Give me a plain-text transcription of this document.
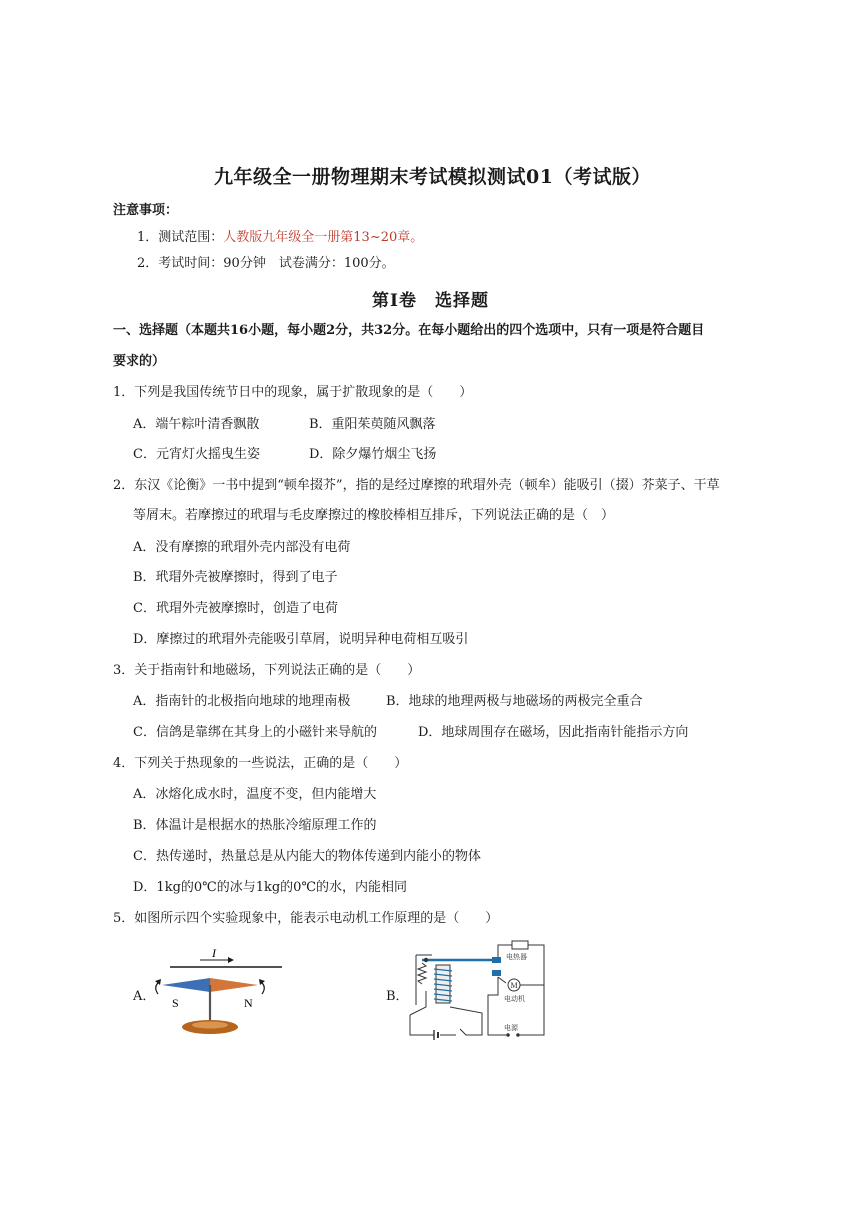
九年级全一册物理期末考试模拟测试01（考试版）
注意事项：
1．测试范围：人教版九年级全一册第13~20章。
2．考试时间：90分钟　试卷满分：100分。
第Ⅰ卷　选择题
一、选择题（本题共16小题，每小题2分，共32分。在每小题给出的四个选项中，只有一项是符合题目
要求的）
1．下列是我国传统节日中的现象，属于扩散现象的是（　　）
A．端午粽叶清香飘散	B．重阳茱萸随风飘落
C．元宵灯火摇曳生姿	D．除夕爆竹烟尘飞扬
2．东汉《论衡》一书中提到“顿牟掇芥”，指的是经过摩擦的玳瑁外壳（顿牟）能吸引（掇）芥菜子、干草
等屑末。若摩擦过的玳瑁与毛皮摩擦过的橡胶棒相互排斥，下列说法正确的是（　）
A．没有摩擦的玳瑁外壳内部没有电荷
B．玳瑁外壳被摩擦时，得到了电子
C．玳瑁外壳被摩擦时，创造了电荷
D．摩擦过的玳瑁外壳能吸引草屑，说明异种电荷相互吸引
3．关于指南针和地磁场，下列说法正确的是（　　）
A．指南针的北极指向地球的地理南极	B．地球的地理两极与地磁场的两极完全重合
C．信鸽是靠绑在其身上的小磁针来导航的	D．地球周围存在磁场，因此指南针能指示方向
4．下列关于热现象的一些说法，正确的是（　　）
A．冰熔化成水时，温度不变，但内能增大
B．体温计是根据水的热胀冷缩原理工作的
C．热传递时，热量总是从内能大的物体传递到内能小的物体
D．1kg的0℃的冰与1kg的0℃的水，内能相同
5．如图所示四个实验现象中，能表示电动机工作原理的是（　　）
A．	B．
I
S	N
电热器
M
电动机
电源
